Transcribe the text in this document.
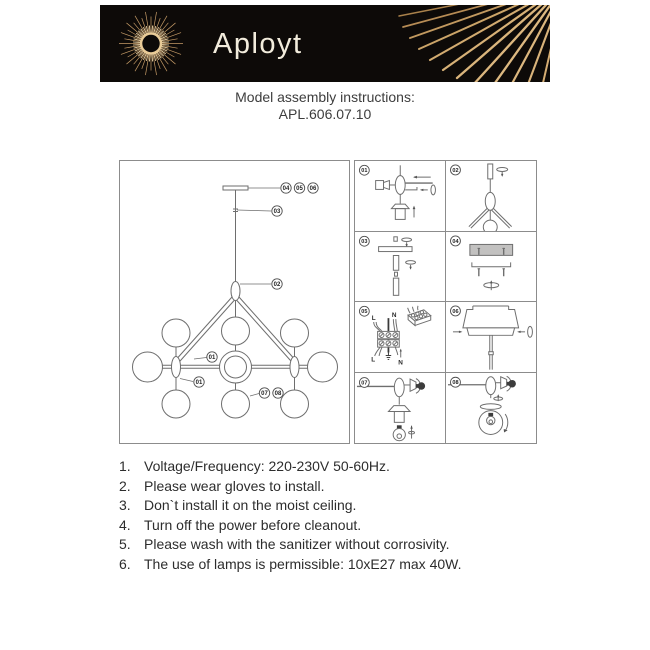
Aployt
Model assembly instructions:
APL.606.07.10
04 05 06
03
02
01
01
07 08
01	02
03	04
L	N
L	N
05	06
07	08
1. Voltage/Frequency: 220-230V 50-60Hz.
2. Please wear gloves to install.
3. Don`t install it on the moist ceiling.
4. Turn off the power before cleanout.
5. Please wash with the sanitizer without corrosivity.
6. The use of lamps is permissible: 10xE27 max 40W.
